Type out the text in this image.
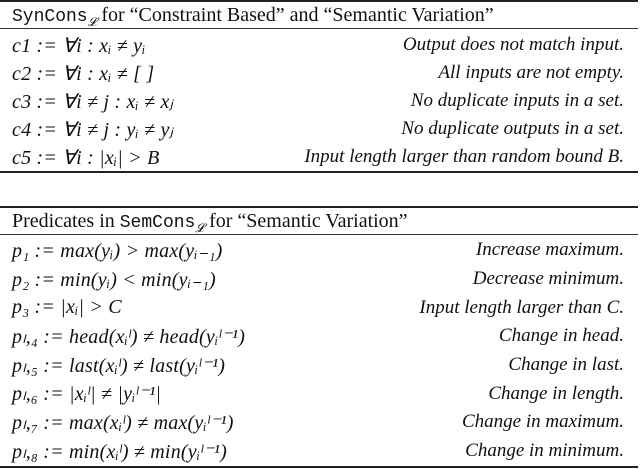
SynCons$_𝓛$ for “Constraint Based” and “Semantic Variation”
c1 := ∀i : xᵢ ≠ yᵢ	Output does not match input.
c2 := ∀i : xᵢ ≠ [ ]	All inputs are not empty.
c3 := ∀i ≠ j : xᵢ ≠ xⱼ	No duplicate inputs in a set.
c4 := ∀i ≠ j : yᵢ ≠ yⱼ	No duplicate outputs in a set.
c5 := ∀i : |xᵢ| > B	Input length larger than random bound B.
Predicates in SemCons$_𝓛$ for “Semantic Variation”
p₁ := max(yᵢ) > max(yᵢ₋₁)	Increase maximum.
p₂ := min(yᵢ) < min(yᵢ₋₁)	Decrease minimum.
p₃ := |xᵢ| > C	Input length larger than C.
pₗ,₄ := head(xᵢˡ) ≠ head(yᵢˡ⁻¹)	Change in head.
pₗ,₅ := last(xᵢˡ) ≠ last(yᵢˡ⁻¹)	Change in last.
pₗ,₆ := |xᵢˡ| ≠ |yᵢˡ⁻¹|	Change in length.
pₗ,₇ := max(xᵢˡ) ≠ max(yᵢˡ⁻¹)	Change in maximum.
pₗ,₈ := min(xᵢˡ) ≠ min(yᵢˡ⁻¹)	Change in minimum.
